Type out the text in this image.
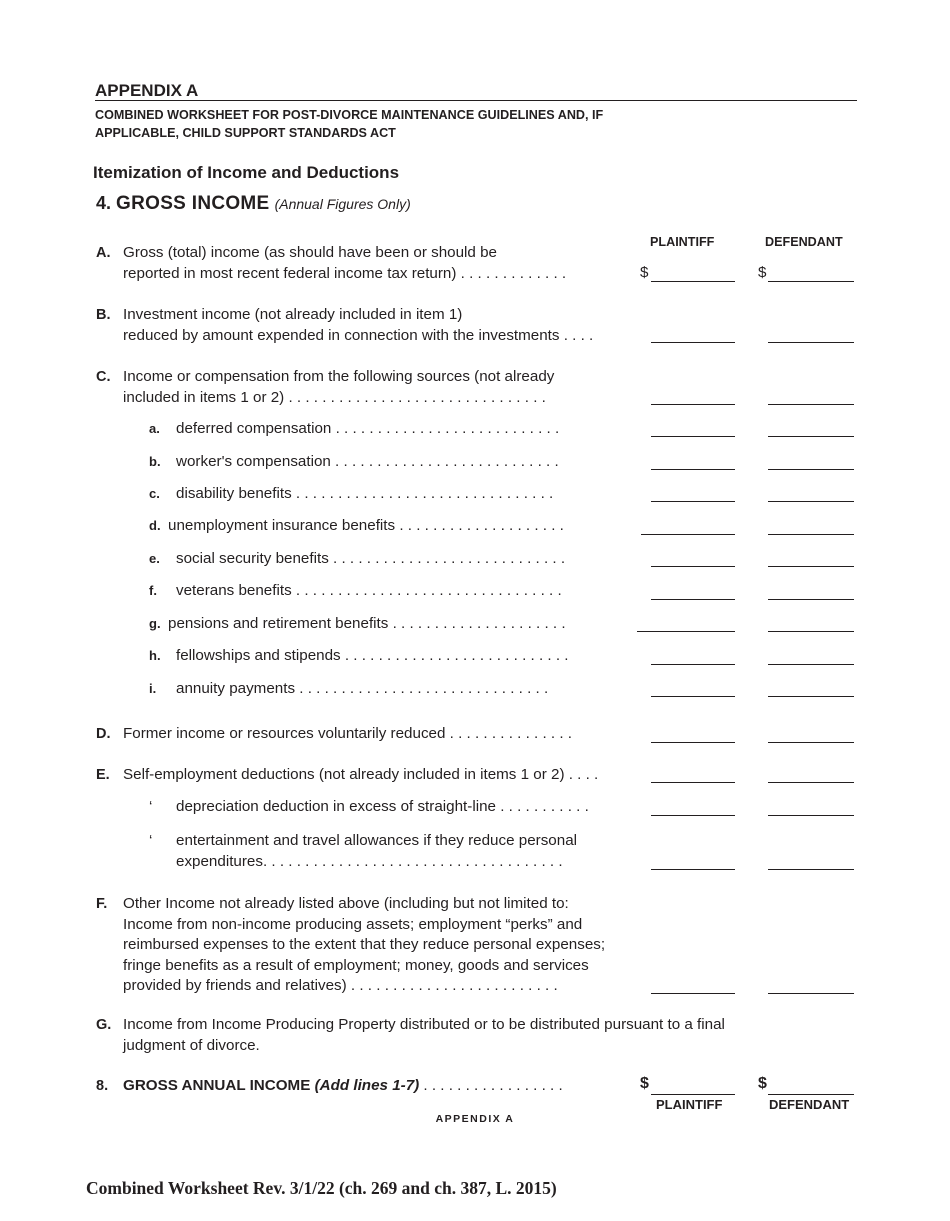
APPENDIX A
COMBINED WORKSHEET FOR POST-DIVORCE MAINTENANCE GUIDELINES AND, IF
APPLICABLE, CHILD SUPPORT STANDARDS ACT
Itemization of Income and Deductions
4. GROSS INCOME (Annual Figures Only)
PLAINTIFF	DEFENDANT
A. Gross (total) income (as should have been or should be
reported in most recent federal income tax return) . . . . . . . . . . . . .	$	$
B. Investment income (not already included in item 1)
reduced by amount expended in connection with the investments . . . .
C. Income or compensation from the following sources (not already
included in items 1 or 2) . . . . . . . . . . . . . . . . . . . . . . . . . . . . . . .
a. deferred compensation . . . . . . . . . . . . . . . . . . . . . . . . . . .
b. worker's compensation . . . . . . . . . . . . . . . . . . . . . . . . . . .
c. disability benefits . . . . . . . . . . . . . . . . . . . . . . . . . . . . . . .
d. unemployment insurance benefits . . . . . . . . . . . . . . . . . . . .
e. social security benefits . . . . . . . . . . . . . . . . . . . . . . . . . . . .
f. veterans benefits . . . . . . . . . . . . . . . . . . . . . . . . . . . . . . . .
g. pensions and retirement benefits . . . . . . . . . . . . . . . . . . . . .
h. fellowships and stipends . . . . . . . . . . . . . . . . . . . . . . . . . . .
i. annuity payments . . . . . . . . . . . . . . . . . . . . . . . . . . . . . .
D. Former income or resources voluntarily reduced . . . . . . . . . . . . . . .
E. Self-employment deductions (not already included in items 1 or 2) . . . .
‘ depreciation deduction in excess of straight-line . . . . . . . . . . .
‘ entertainment and travel allowances if they reduce personal
expenditures. . . . . . . . . . . . . . . . . . . . . . . . . . . . . . . . . . . .
F. Other Income not already listed above (including but not limited to:
Income from non-income producing assets; employment “perks” and
reimbursed expenses to the extent that they reduce personal expenses;
fringe benefits as a result of employment; money, goods and services
provided by friends and relatives) . . . . . . . . . . . . . . . . . . . . . . . . .
G. Income from Income Producing Property distributed or to be distributed pursuant to a final
judgment of divorce.
8. GROSS ANNUAL INCOME (Add lines 1-7) . . . . . . . . . . . . . . . . .	$	$
PLAINTIFF	DEFENDANT
APPENDIX A
Combined Worksheet Rev. 3/1/22 (ch. 269 and ch. 387, L. 2015)
